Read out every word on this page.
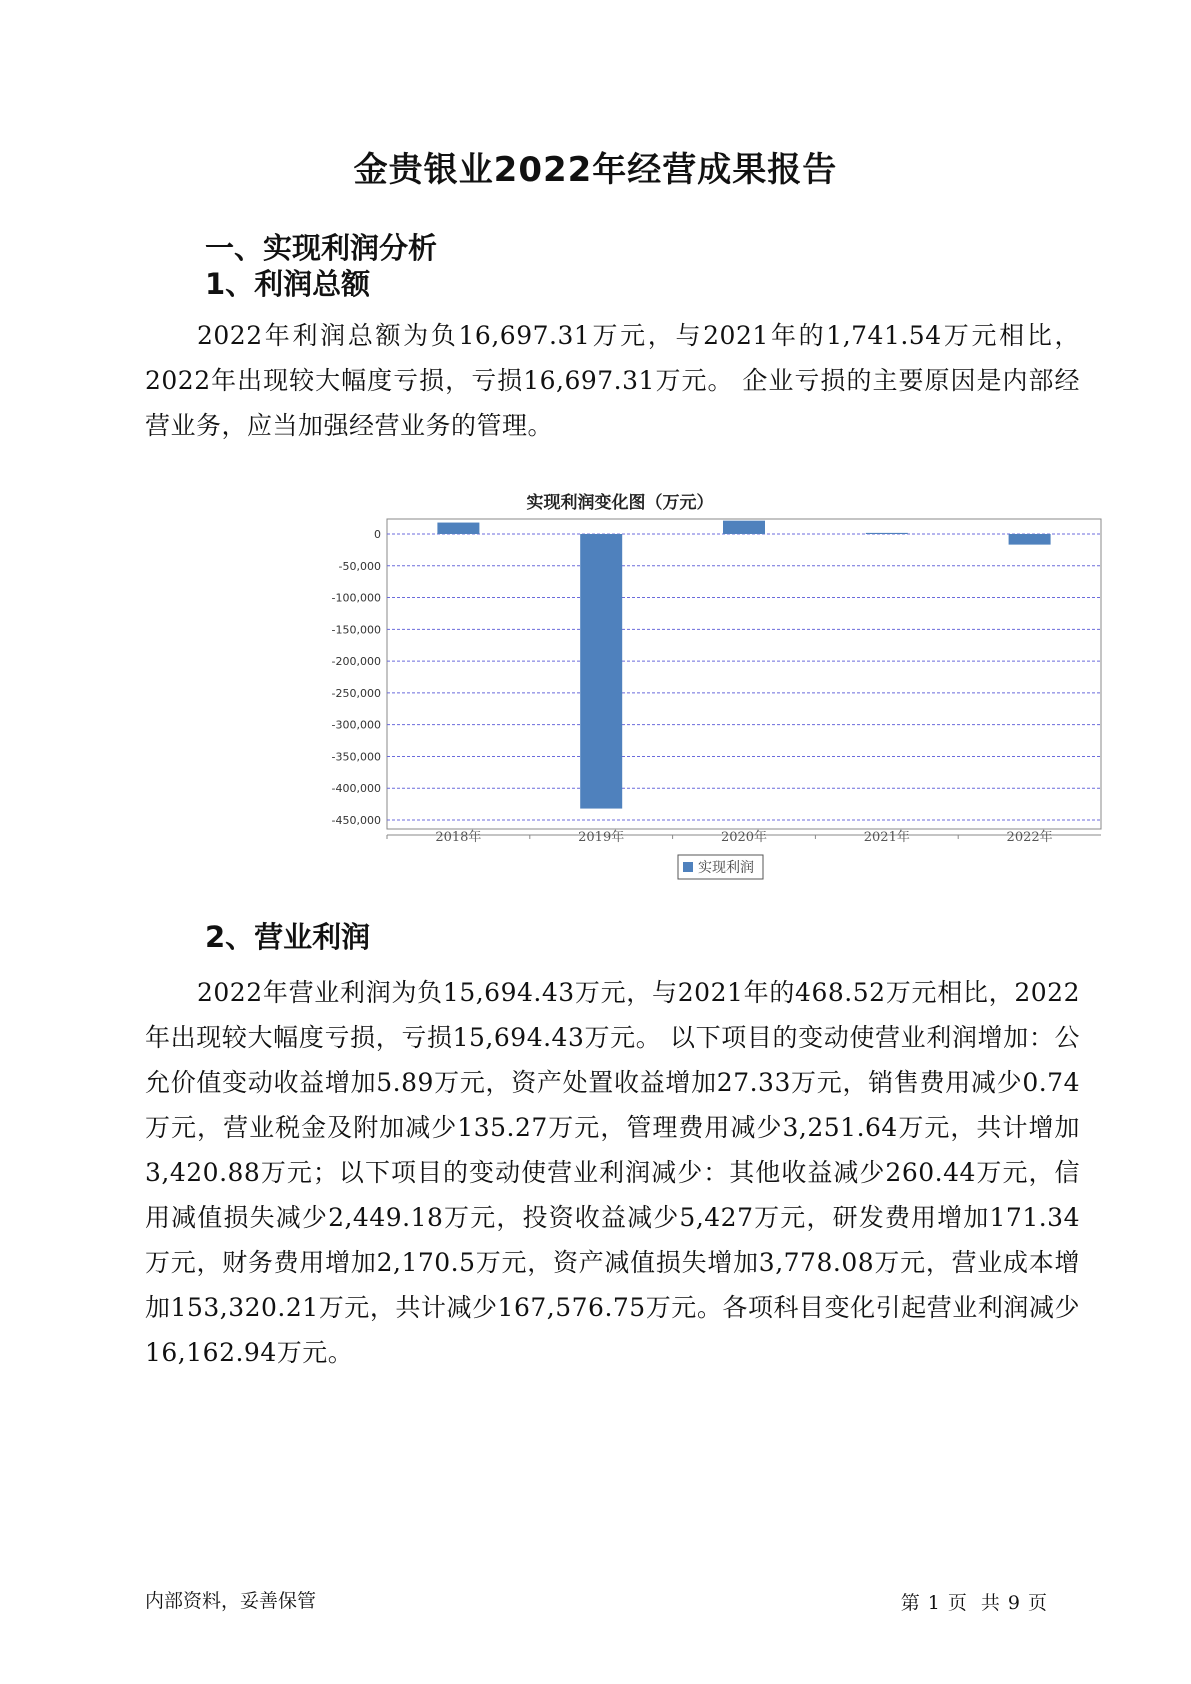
金贵银业2022年经营成果报告
一、实现利润分析
1、利润总额

2022年利润总额为负16,697.31万元，与2021年的1,741.54万元相比，2022年出现较大幅度亏损，亏损16,697.31万元。 企业亏损的主要原因是内部经营业务，应当加强经营业务的管理。

实现利润变化图（万元）
0
-50,000
-100,000
-150,000
-200,000
-250,000
-300,000
-350,000
-400,000
-450,000
2018年	2019年	2020年	2021年	2022年
实现利润
2、营业利润

2022年营业利润为负15,694.43万元，与2021年的468.52万元相比，2022年出现较大幅度亏损，亏损15,694.43万元。 以下项目的变动使营业利润增加：公允价值变动收益增加5.89万元，资产处置收益增加27.33万元，销售费用减少0.74万元，营业税金及附加减少135.27万元，管理费用减少3,251.64万元，共计增加3,420.88万元；以下项目的变动使营业利润减少：其他收益减少260.44万元，信用减值损失减少2,449.18万元，投资收益减少5,427万元，研发费用增加171.34万元，财务费用增加2,170.5万元，资产减值损失增加3,778.08万元，营业成本增加153,320.21万元，共计减少167,576.75万元。各项科目变化引起营业利润减少16,162.94万元。

内部资料，妥善保管	第 1 页 共 9 页
